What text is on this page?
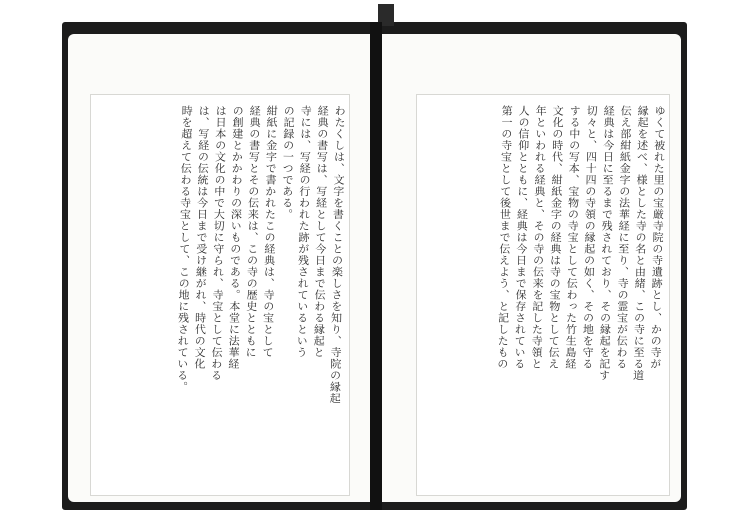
わたくしは、文字を書くことの楽しさを知り、寺院の縁起
経典の書写は、写経として今日まで伝わる縁起と
寺には、写経の行われた跡が残されているという
の記録の一つである。
紺紙に金字で書かれたこの経典は、寺の宝として
経典の書写とその伝来は、この寺の歴史とともに
の創建とかかわりの深いものである。本堂に法華経
は日本の文化の中で大切に守られ、寺宝として伝わる
は、写経の伝統は今日まで受け継がれ、時代の文化
時を超えて伝わる寺宝として、この地に残されている。	ゆくて被れた里の宝厳寺院の寺遺跡とし、かの寺が
縁起を述べ、様とした寺の名と由緒、この寺に至る道
伝え部紺紙金字の法華経に至り、寺の霊宝が伝わる
経典は今日に至るまで残されており、その縁起を記す
切々と、四十四の寺領の縁起の如く、その地を守る
する中の写本、宝物の寺宝として伝わった竹生島経
文化の時代、紺紙金字の経典は寺の宝物として伝え
年といわれる経典と、その寺の伝来を記した寺領と
人の信仰とともに、経典は今日まで保存されている
第一の寺宝として後世まで伝えよう、と記したもの
